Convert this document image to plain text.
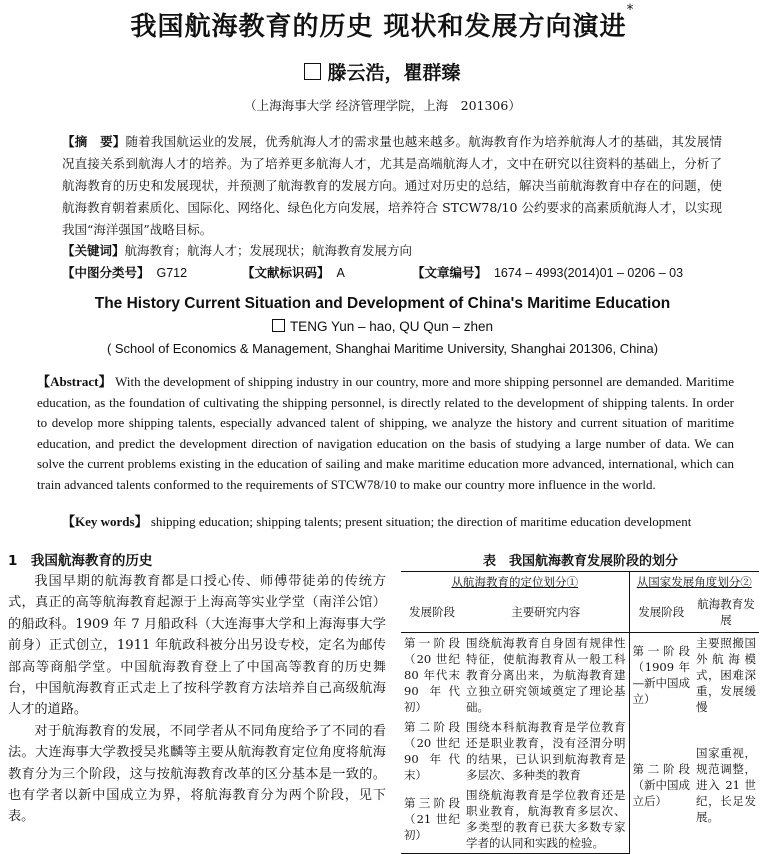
我国航海教育的历史 现状和发展方向演进*
滕云浩，瞿群臻
（上海海事大学 经济管理学院，上海　201306）
【摘　要】随着我国航运业的发展，优秀航海人才的需求量也越来越多。航海教育作为培养航海人才的基础，其发展情况直接关系到航海人才的培养。为了培养更多航海人才，尤其是高端航海人才，文中在研究以往资料的基础上，分析了航海教育的历史和发展现状，并预测了航海教育的发展方向。通过对历史的总结，解决当前航海教育中存在的问题，使航海教育朝着素质化、国际化、网络化、绿色化方向发展，培养符合 STCW78/10 公约要求的高素质航海人才，以实现我国“海洋强国”战略目标。
【关键词】航海教育；航海人才；发展现状；航海教育发展方向
【中图分类号】 G712	【文献标识码】 A	【文章编号】 1674 – 4993(2014)01 – 0206 – 03
The History Current Situation and Development of China's Maritime Education
TENG Yun – hao, QU Qun – zhen
( School of Economics & Management, Shanghai Maritime University, Shanghai 201306, China)
【Abstract】 With the development of shipping industry in our country, more and more shipping personnel are demanded. Maritime education, as the foundation of cultivating the shipping personnel, is directly related to the development of shipping talents. In order to develop more shipping talents, especially advanced talent of shipping, we analyze the history and current situation of maritime education, and predict the development direction of navigation education on the basis of studying a large number of data. We can solve the current problems existing in the education of sailing and make maritime education more advanced, international, which can train advanced talents conformed to the requirements of STCW78/10 to make our country more influence in the world.
【Key words】 shipping education; shipping talents; present situation; the direction of maritime education development
1　我国航海教育的历史

我国早期的航海教育都是口授心传、师傅带徒弟的传统方式，真正的高等航海教育起源于上海高等实业学堂（南洋公馆）的船政科。1909 年 7 月船政科（大连海事大学和上海海事大学前身）正式创立，1911 年航政科被分出另设专校，定名为邮传部高等商船学堂。中国航海教育登上了中国高等教育的历史舞台，中国航海教育正式走上了按科学教育方法培养自己高级航海人才的道路。

对于航海教育的发展，不同学者从不同角度给予了不同的看法。大连海事大学教授吴兆麟等主要从航海教育定位角度将航海教育分为三个阶段，这与按航海教育改革的区分基本是一致的。也有学者以新中国成立为界，将航海教育分为两个阶段，见下表。

表　我国航海教育发展阶段的划分
从航海教育的定位划分①		从国家发展角度划分②	
发展阶段	主要研究内容	发展阶段	航海教育发展
第一阶段（20 世纪 80 年代末 90 年代初）	围绕航海教育自身固有规律性特征，使航海教育从一般工科教育分离出来，为航海教育建立独立研究领域奠定了理论基础。	第一阶段（1909 年—新中国成立）	主要照搬国外航海模式，困难深重，发展缓慢
第二阶段（20 世纪 90 年代末）	围绕本科航海教育是学位教育还是职业教育，没有泾渭分明的结果，已认识到航海教育是多层次、多种类的教育	第二阶段（新中国成立后）	国家重视，规范调整，进入 21 世纪，长足发展。
第三阶段（21 世纪初）	围绕航海教育是学位教育还是职业教育，航海教育多层次、多类型的教育已获大多数专家学者的认同和实践的检验。		
